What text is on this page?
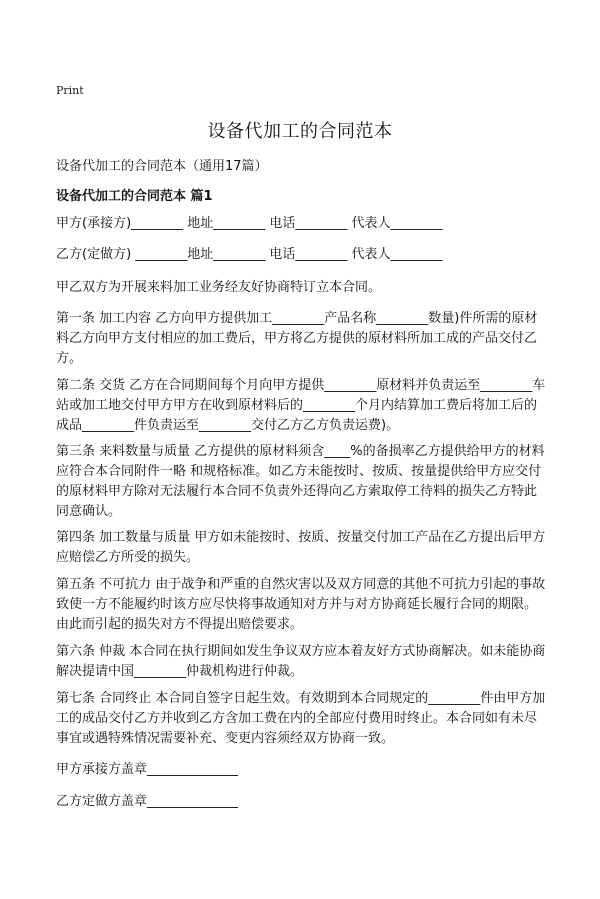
Print
设备代加工的合同范本
设备代加工的合同范本（通用17篇）
设备代加工的合同范本 篇1

甲方(承接方)________ 地址________ 电话________ 代表人________

乙方(定做方) ________地址________ 电话________ 代表人________

甲乙双方为开展来料加工业务经友好协商特订立本合同。

第一条 加工内容 乙方向甲方提供加工________产品名称________数量)件所需的原材料乙方向甲方支付相应的加工费后，甲方将乙方提供的原材料所加工成的产品交付乙方。

第二条 交货 乙方在合同期间每个月向甲方提供________原材料并负责运至________车站或加工地交付甲方甲方在收到原材料后的________个月内结算加工费后将加工后的成品________件负责运至________交付乙方乙方负责运费)。

第三条 来料数量与质量 乙方提供的原材料须含____%的备损率乙方提供给甲方的材料应符合本合同附件一略 和规格标准。如乙方未能按时、按质、按量提供给甲方应交付的原材料甲方除对无法履行本合同不负责外还得向乙方索取停工待料的损失乙方特此同意确认。

第四条 加工数量与质量 甲方如未能按时、按质、按量交付加工产品在乙方提出后甲方应赔偿乙方所受的损失。

第五条 不可抗力 由于战争和严重的自然灾害以及双方同意的其他不可抗力引起的事故致使一方不能履约时该方应尽快将事故通知对方并与对方协商延长履行合同的期限。由此而引起的损失对方不得提出赔偿要求。

第六条 仲裁 本合同在执行期间如发生争议双方应本着友好方式协商解决。如未能协商解决提请中国________仲裁机构进行仲裁。

第七条 合同终止 本合同自签字日起生效。有效期到本合同规定的________件由甲方加工的成品交付乙方并收到乙方含加工费在内的全部应付费用时终止。本合同如有未尽事宜或遇特殊情况需要补充、变更内容须经双方协商一致。

甲方承接方盖章______________

乙方定做方盖章______________
